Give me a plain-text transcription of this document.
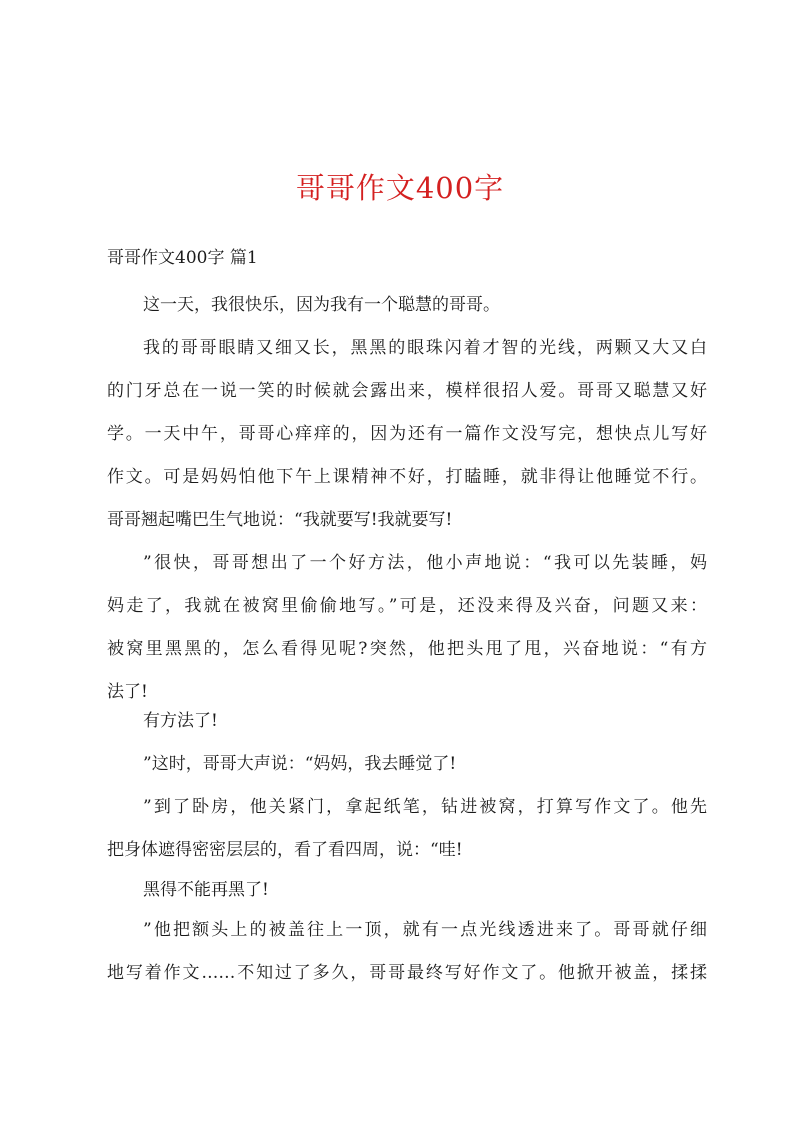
哥哥作文400字
哥哥作文400字 篇1
这一天，我很快乐，因为我有一个聪慧的哥哥。
我的哥哥眼睛又细又长，黑黑的眼珠闪着才智的光线，两颗又大又白
的门牙总在一说一笑的时候就会露出来，模样很招人爱。哥哥又聪慧又好
学。一天中午，哥哥心痒痒的，因为还有一篇作文没写完，想快点儿写好
作文。可是妈妈怕他下午上课精神不好，打瞌睡，就非得让他睡觉不行。
哥哥翘起嘴巴生气地说：“我就要写!我就要写!
”很快，哥哥想出了一个好方法，他小声地说：“我可以先装睡，妈
妈走了，我就在被窝里偷偷地写。”可是，还没来得及兴奋，问题又来：
被窝里黑黑的，怎么看得见呢?突然，他把头甩了甩，兴奋地说：“有方
法了!
有方法了!
”这时，哥哥大声说：“妈妈，我去睡觉了!
”到了卧房，他关紧门，拿起纸笔，钻进被窝，打算写作文了。他先
把身体遮得密密层层的，看了看四周，说：“哇!
黑得不能再黑了!
”他把额头上的被盖往上一顶，就有一点光线透进来了。哥哥就仔细
地写着作文……不知过了多久，哥哥最终写好作文了。他掀开被盖，揉揉
